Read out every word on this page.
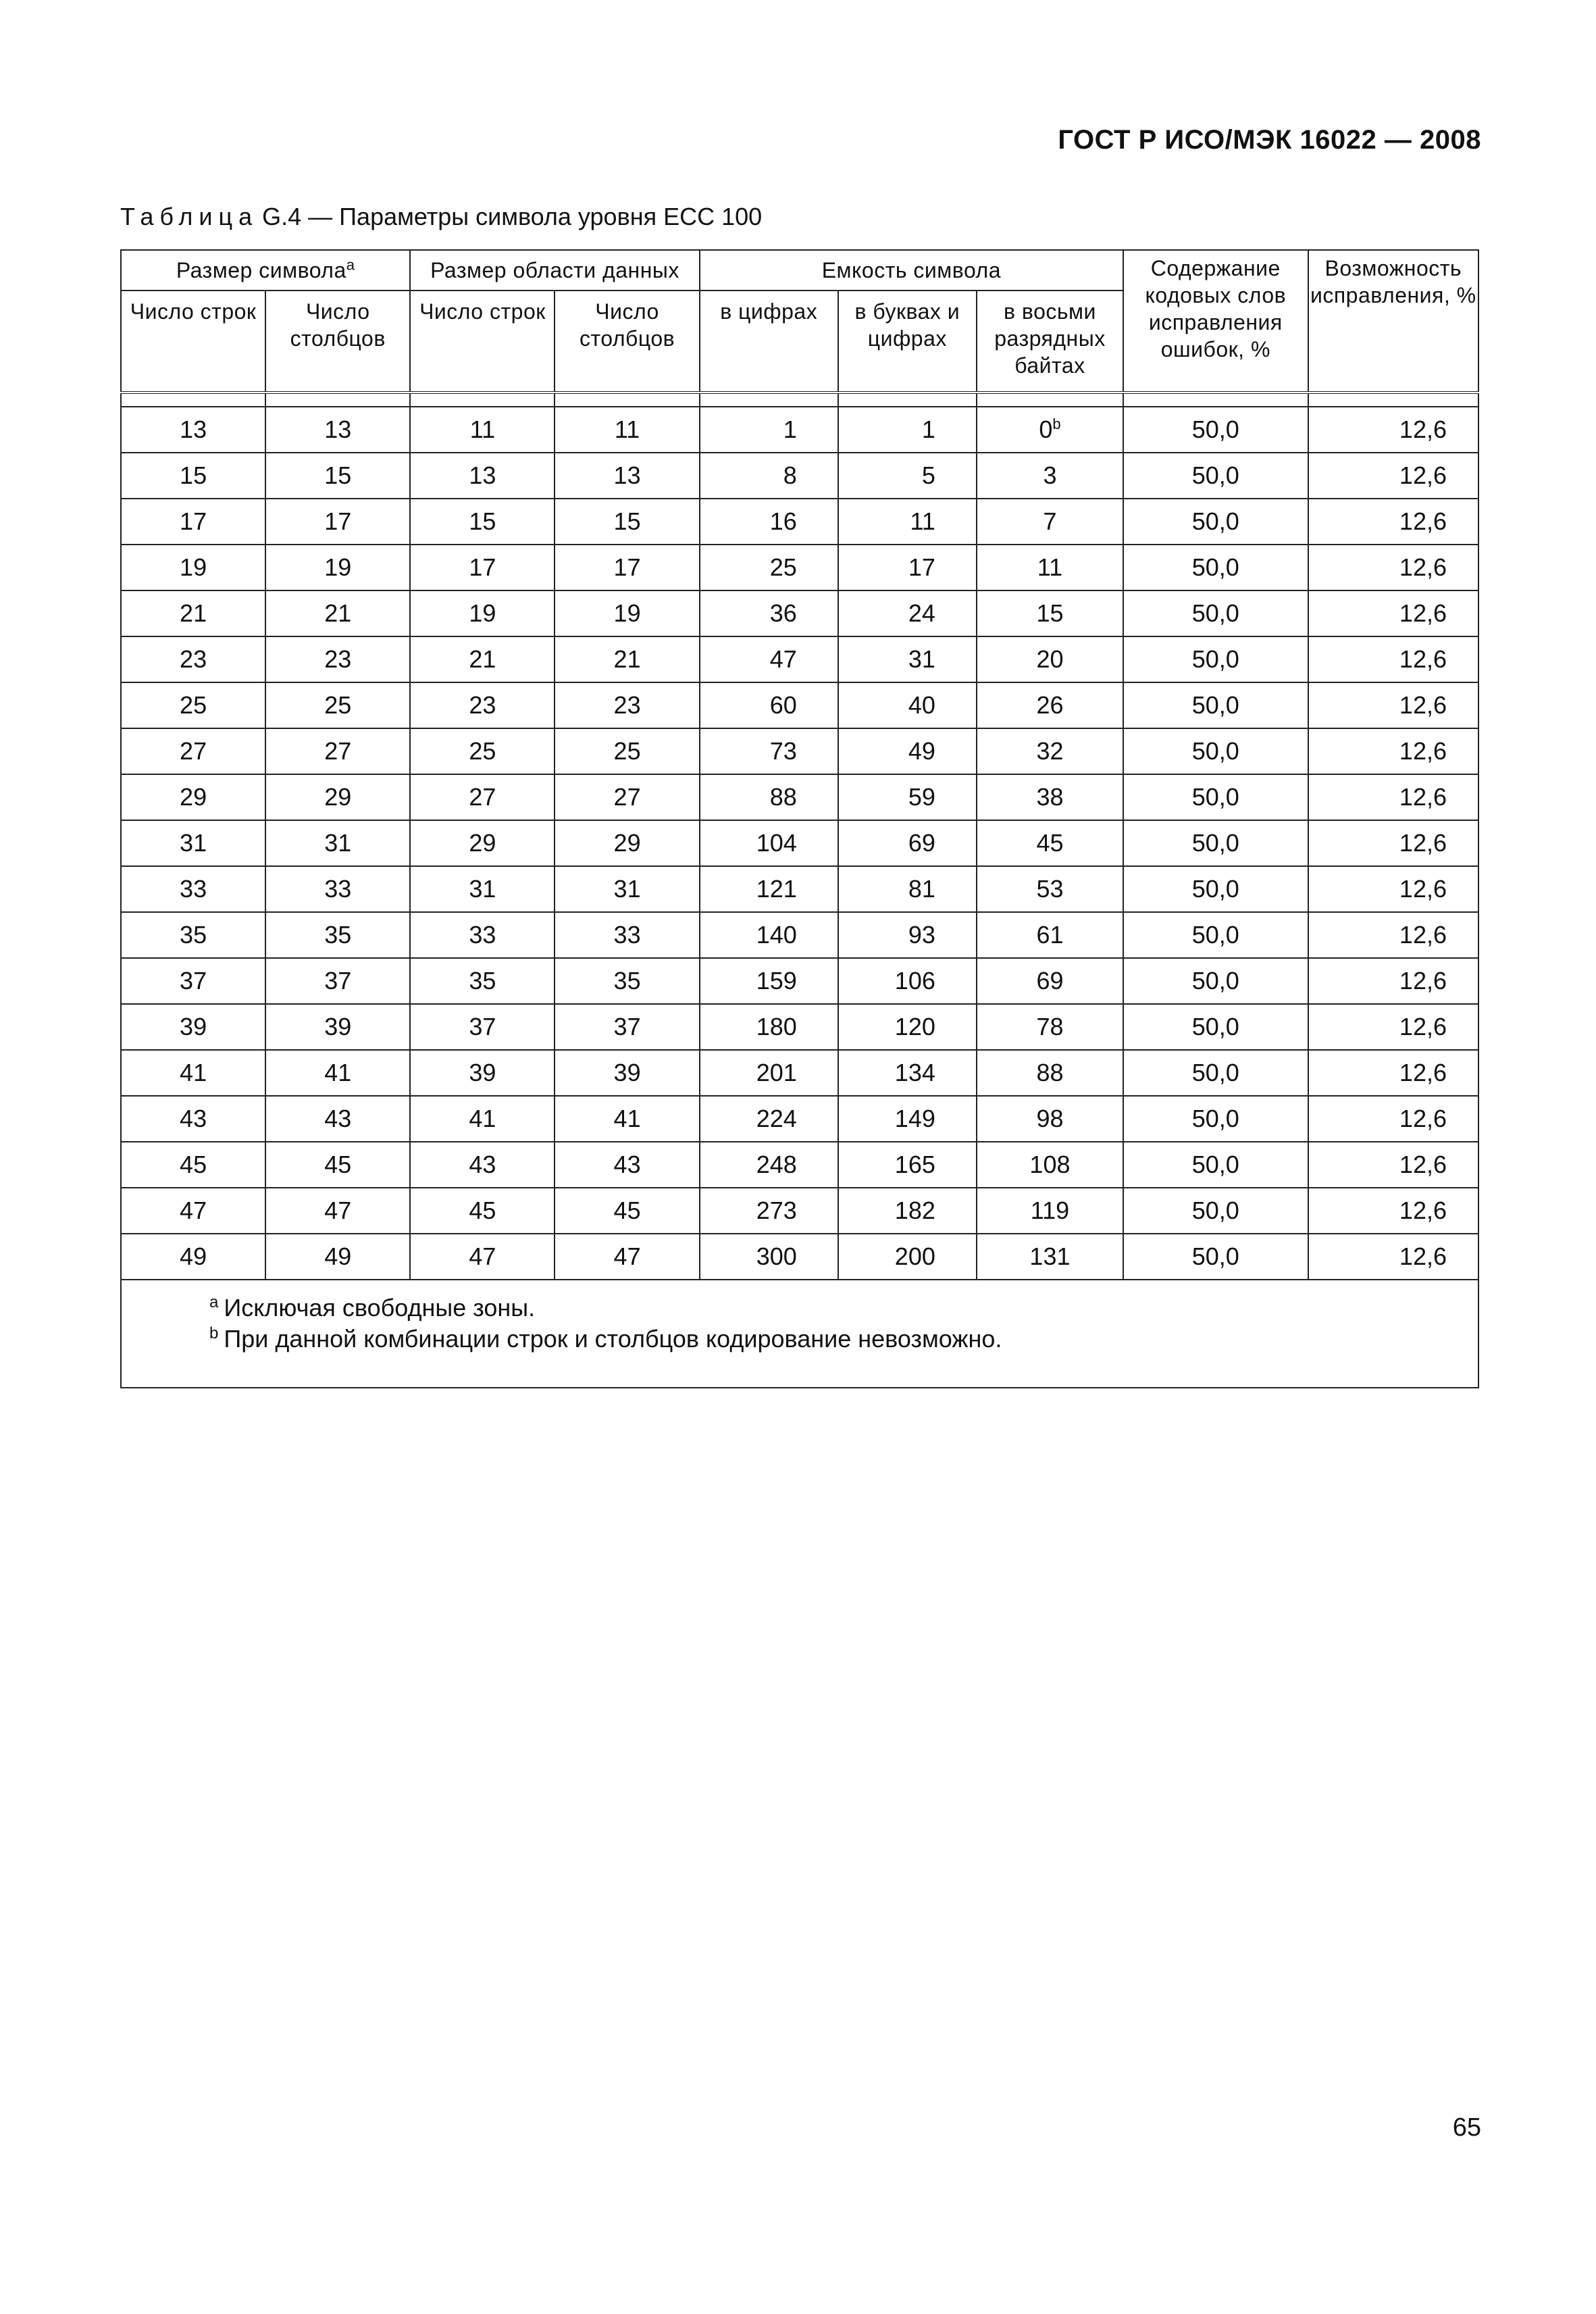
ГОСТ Р ИСО/МЭК 16022 — 2008
Таблица G.4 — Параметры символа уровня ЕСС 100
Размер символа$^a$		Размер области данных		Емкость символа			Содержание кодовых слов исправления ошибок, %	Возможность исправления, %
Число строк	Число столбцов	Число строк	Число столбцов	в цифрах	в буквах и цифрах	в восьми разрядных байтах		

13	13	11	11	1	1	0$^b$	50,0	12,6
15	15	13	13	8	5	3	50,0	12,6
17	17	15	15	16	11	7	50,0	12,6
19	19	17	17	25	17	11	50,0	12,6
21	21	19	19	36	24	15	50,0	12,6
23	23	21	21	47	31	20	50,0	12,6
25	25	23	23	60	40	26	50,0	12,6
27	27	25	25	73	49	32	50,0	12,6
29	29	27	27	88	59	38	50,0	12,6
31	31	29	29	104	69	45	50,0	12,6
33	33	31	31	121	81	53	50,0	12,6
35	35	33	33	140	93	61	50,0	12,6
37	37	35	35	159	106	69	50,0	12,6
39	39	37	37	180	120	78	50,0	12,6
41	41	39	39	201	134	88	50,0	12,6
43	43	41	41	224	149	98	50,0	12,6
45	45	43	43	248	165	108	50,0	12,6
47	47	45	45	273	182	119	50,0	12,6
49	49	47	47	300	200	131	50,0	12,6

$^a$ Исключая свободные зоны.
$^b$ При данной комбинации строк и столбцов кодирование невозможно.								
65
